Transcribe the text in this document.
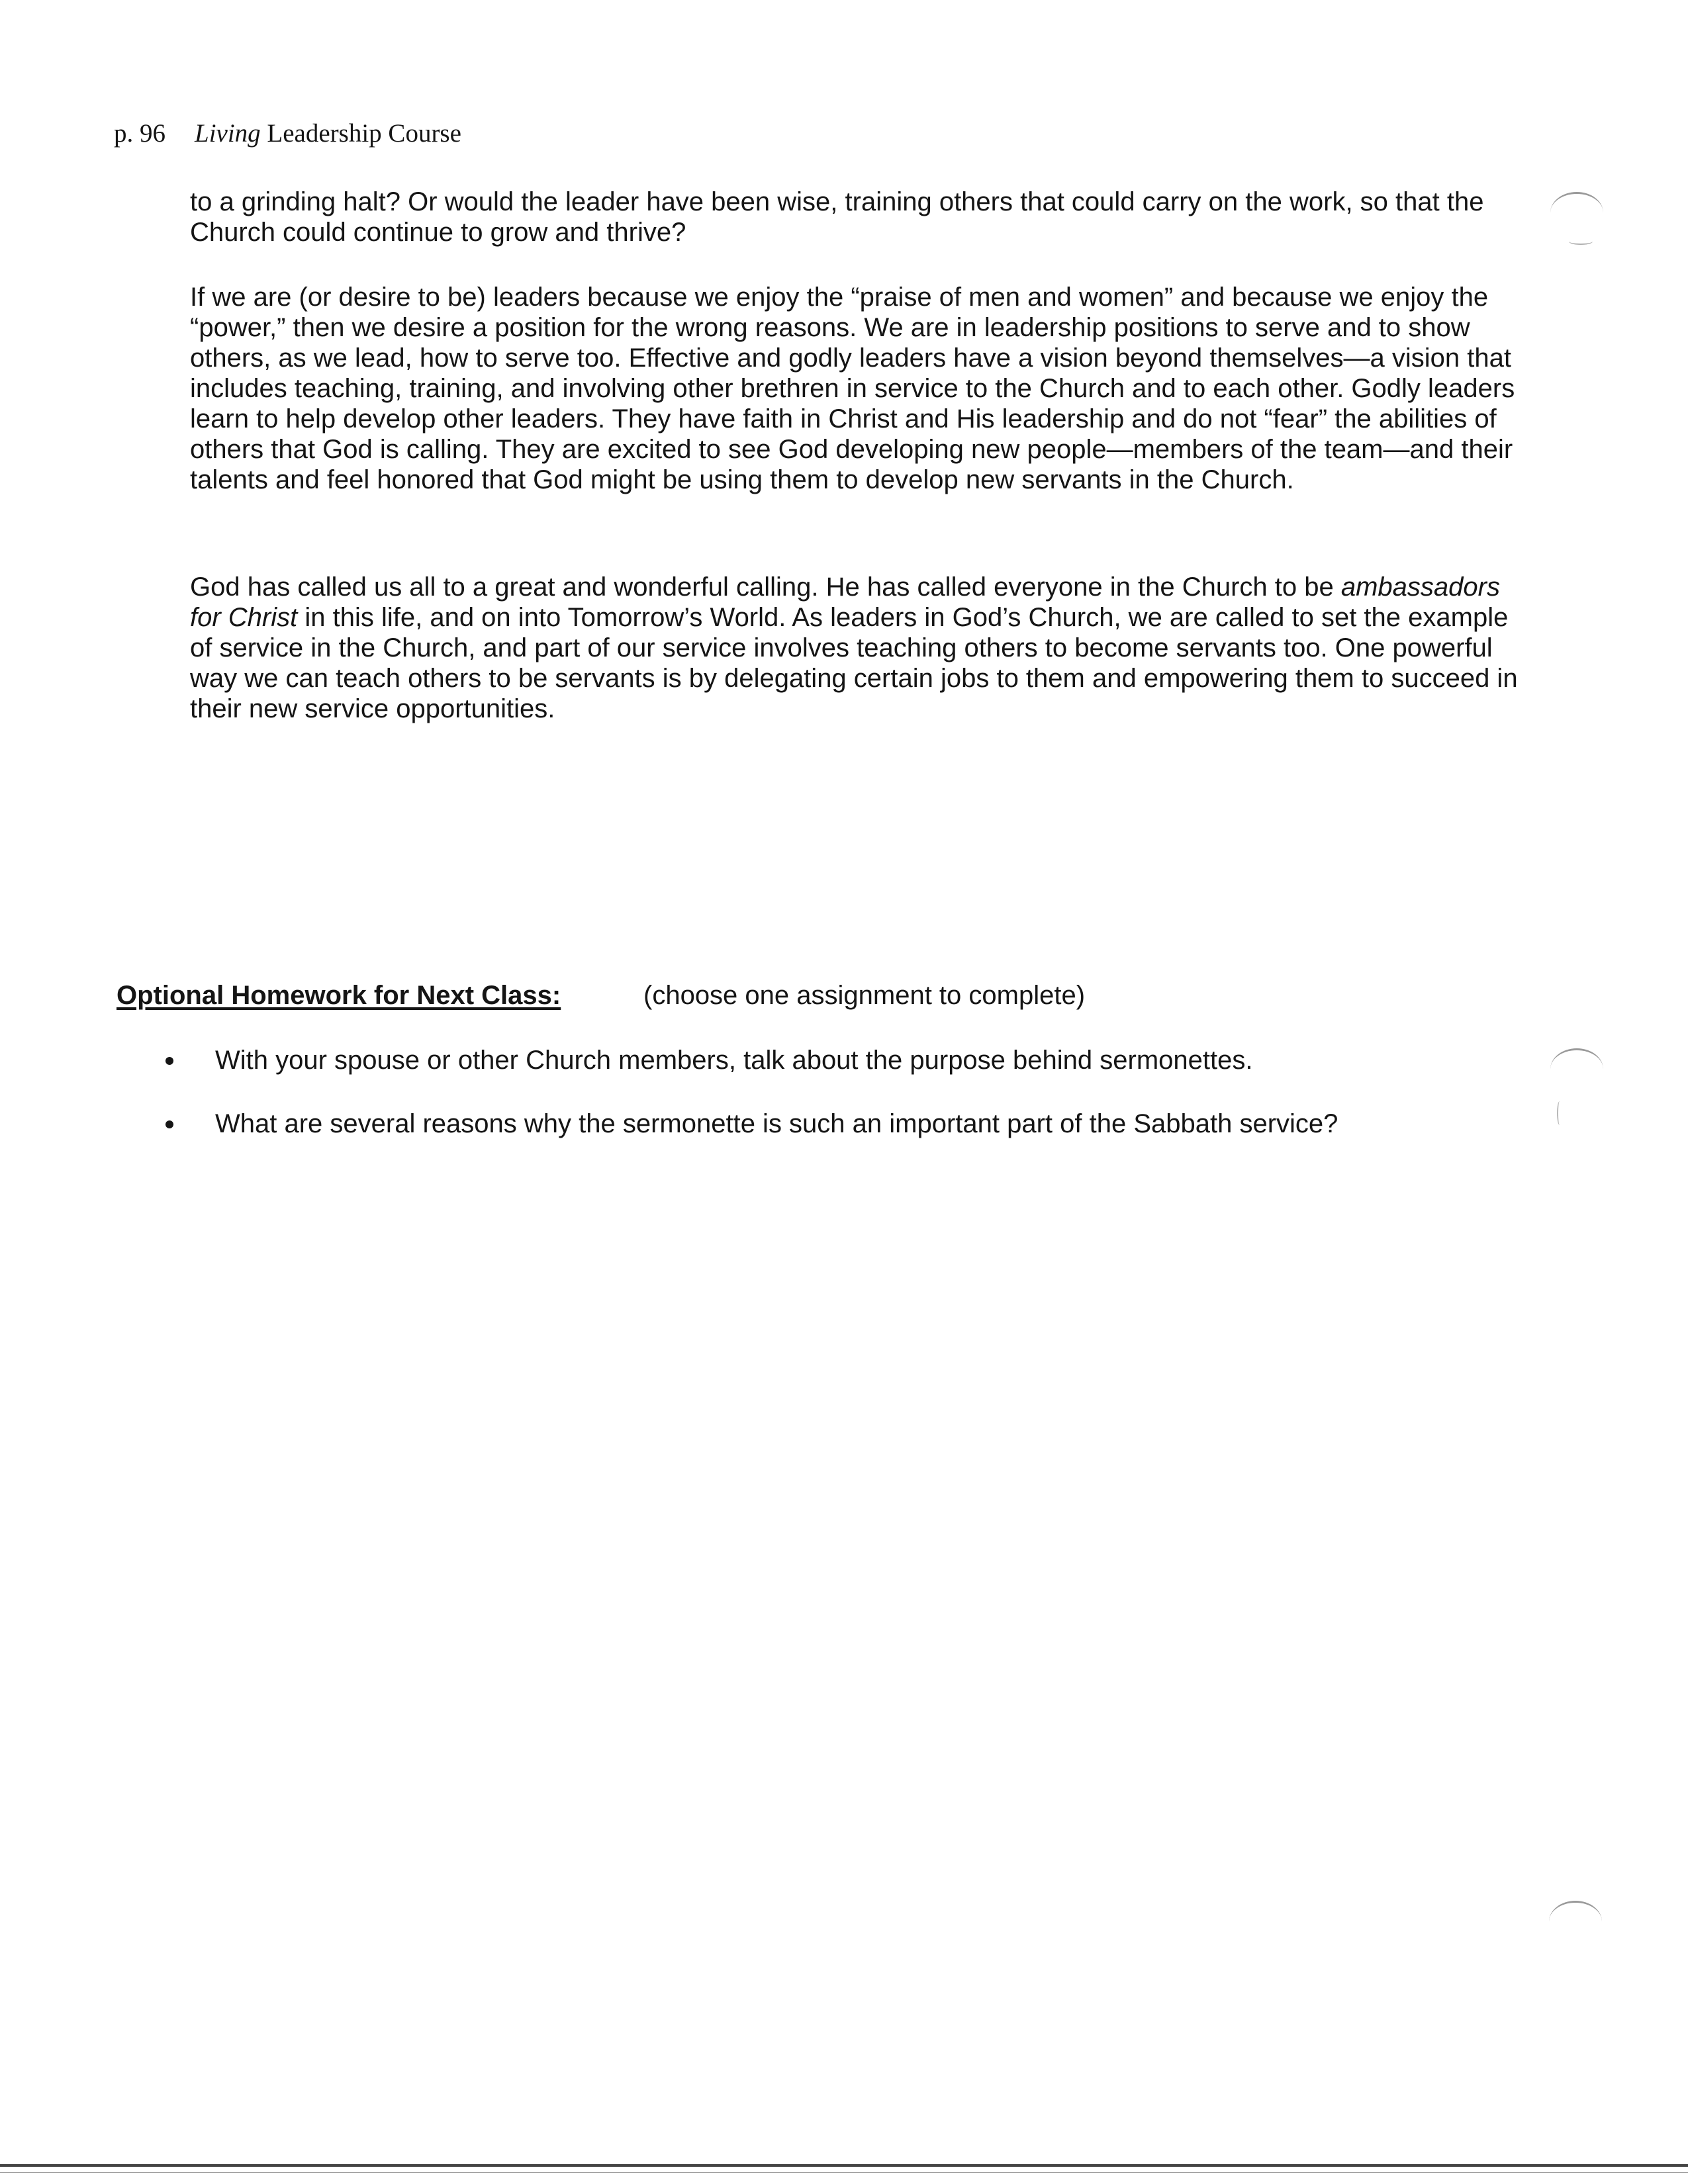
p. 96 Living Leadership Course

to a grinding halt? Or would the leader have been wise, training others that could carry on the work, so that the Church could continue to grow and thrive?

If we are (or desire to be) leaders because we enjoy the “praise of men and women” and because we enjoy the “power,” then we desire a position for the wrong reasons. We are in leadership positions to serve and to show others, as we lead, how to serve too. Effective and godly leaders have a vision beyond themselves—a vision that includes teaching, training, and involving other brethren in service to the Church and to each other. Godly leaders learn to help develop other leaders. They have faith in Christ and His leadership and do not “fear” the abilities of others that God is calling. They are excited to see God developing new people—members of the team—and their talents and feel honored that God might be using them to develop new servants in the Church.

God has called us all to a great and wonderful calling. He has called everyone in the Church to be ambassadors for Christ in this life, and on into Tomorrow’s World. As leaders in God’s Church, we are called to set the example of service in the Church, and part of our service involves teaching others to become servants too. One powerful way we can teach others to be servants is by delegating certain jobs to them and empowering them to succeed in their new service opportunities.

Optional Homework for Next Class:	(choose one assignment to complete)
With your spouse or other Church members, talk about the purpose behind sermonettes.
What are several reasons why the sermonette is such an important part of the Sabbath service?
